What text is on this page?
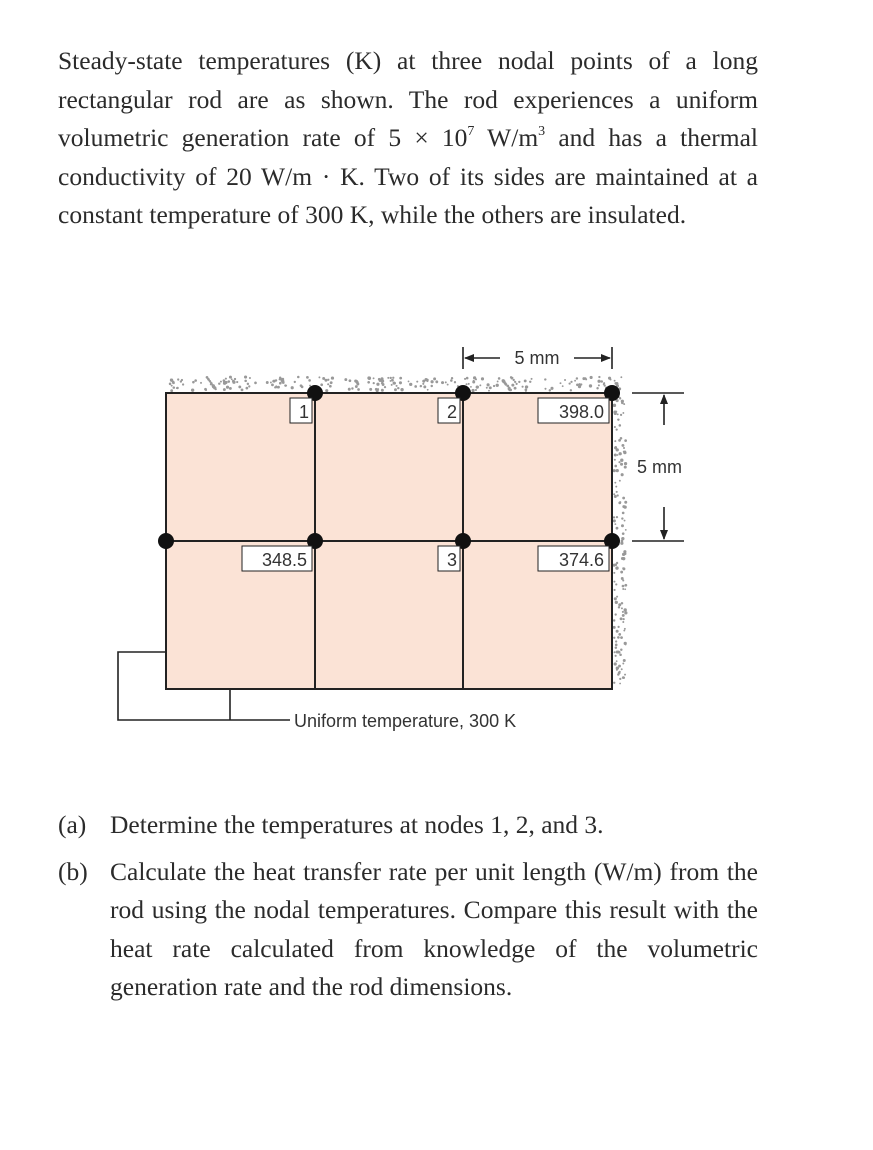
Steady-state temperatures (K) at three nodal points of a long rectangular rod are as shown. The rod experiences a uniform volumetric generation rate of $5 \times 10^7$ $W/m^3$ and has a thermal conductivity of 20 W/m · K. Two of its sides are maintained at a constant temperature of 300 K, while the others are insulated.
1	2	398.0
348.5	3	374.6
5 mm
5 mm
Uniform temperature, 300 K
(a) Determine the temperatures at nodes 1, 2, and 3.
(b) Calculate the heat transfer rate per unit length (W/m) from the rod using the nodal temperatures. Compare this result with the heat rate calculated from knowledge of the volumetric generation rate and the rod dimensions.
